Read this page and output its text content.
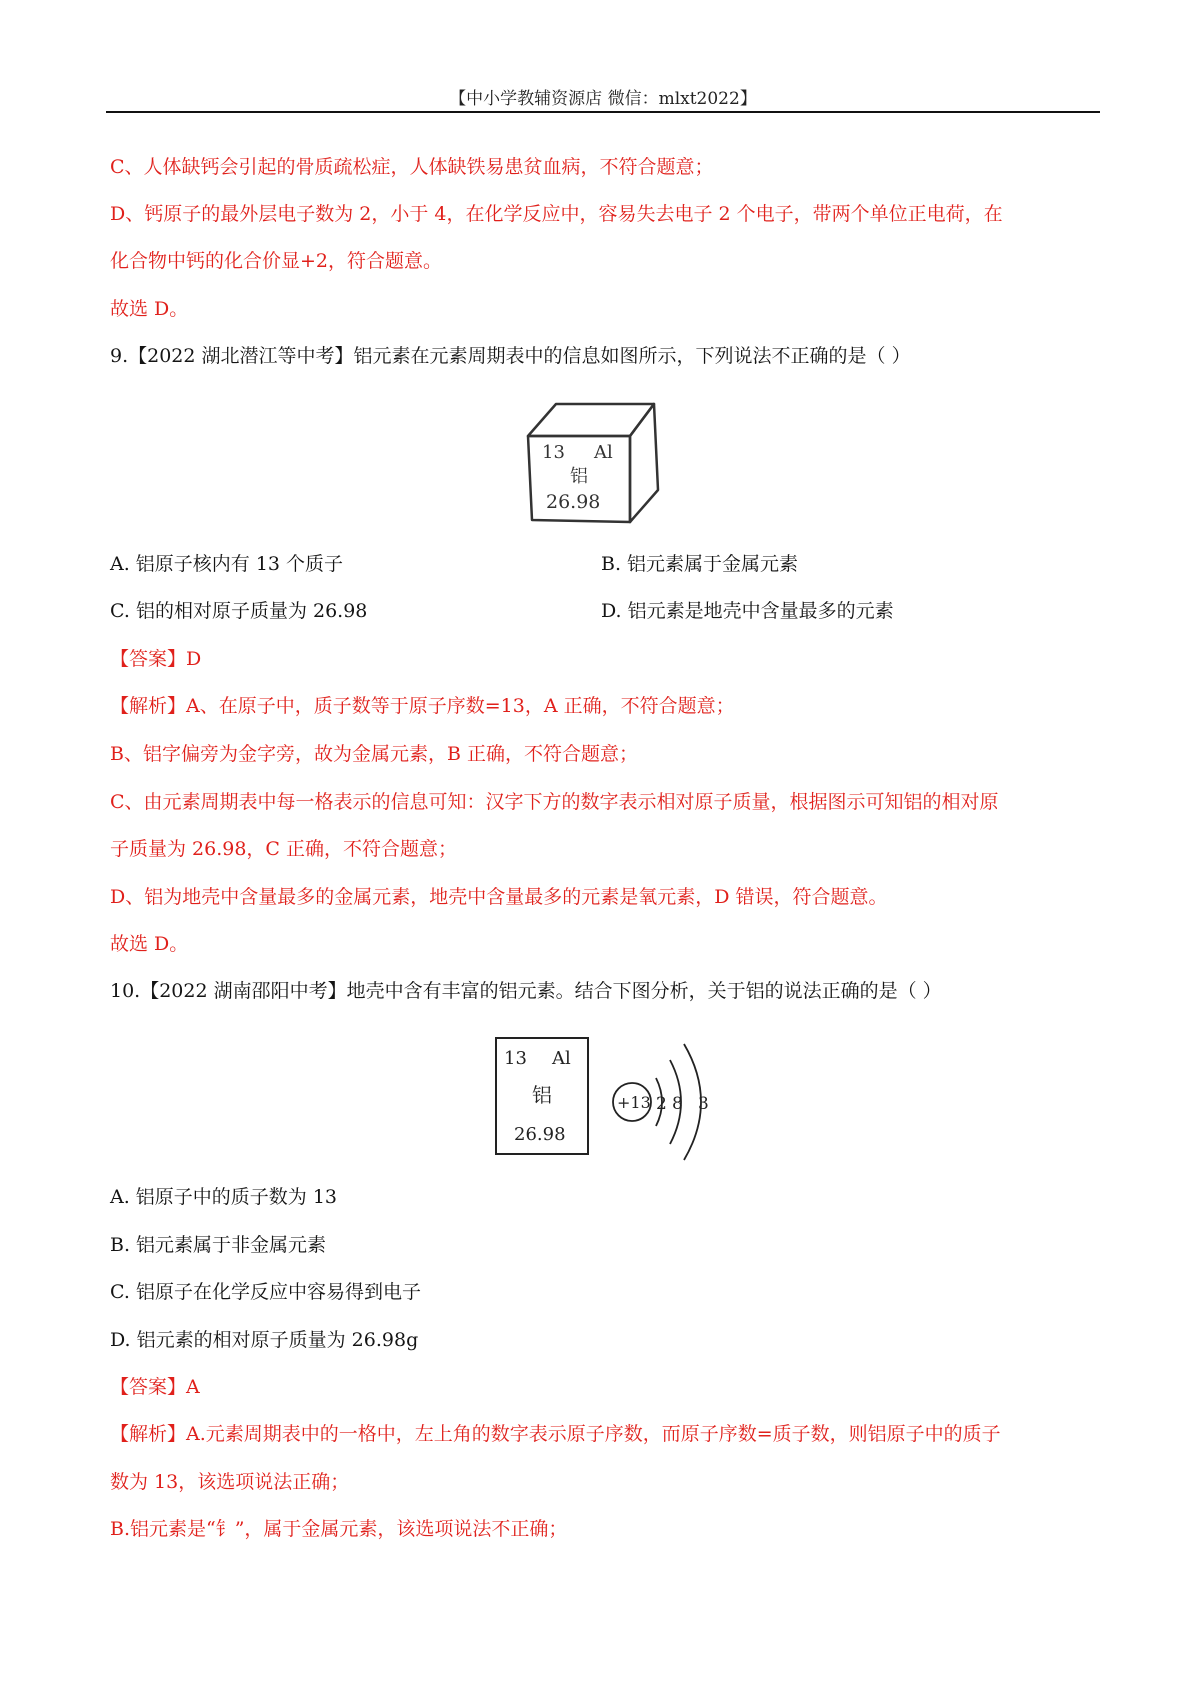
【中小学教辅资源店 微信：mlxt2022】
C、人体缺钙会引起的骨质疏松症，人体缺铁易患贫血病，不符合题意；
D、钙原子的最外层电子数为 2，小于 4，在化学反应中，容易失去电子 2 个电子，带两个单位正电荷，在
化合物中钙的化合价显+2，符合题意。
故选 D。
9.【2022 湖北潜江等中考】铝元素在元素周期表中的信息如图所示，下列说法不正确的是（ ）
13 Al
铝
26.98
A. 铝原子核内有 13 个质子	B. 铝元素属于金属元素
C. 铝的相对原子质量为 26.98	D. 铝元素是地壳中含量最多的元素
【答案】D
【解析】A、在原子中，质子数等于原子序数=13，A 正确，不符合题意；
B、铝字偏旁为金字旁，故为金属元素，B 正确，不符合题意；
C、由元素周期表中每一格表示的信息可知：汉字下方的数字表示相对原子质量，根据图示可知铝的相对原
子质量为 26.98，C 正确，不符合题意；
D、铝为地壳中含量最多的金属元素，地壳中含量最多的元素是氧元素，D 错误，符合题意。
故选 D。
10.【2022 湖南邵阳中考】地壳中含有丰富的铝元素。结合下图分析，关于铝的说法正确的是（ ）
13 Al
铝
26.98
+13 2 8 3
A. 铝原子中的质子数为 13
B. 铝元素属于非金属元素
C. 铝原子在化学反应中容易得到电子
D. 铝元素的相对原子质量为 26.98g
【答案】A
【解析】A.元素周期表中的一格中，左上角的数字表示原子序数，而原子序数=质子数，则铝原子中的质子
数为 13，该选项说法正确；
B.铝元素是“钅”，属于金属元素，该选项说法不正确；
